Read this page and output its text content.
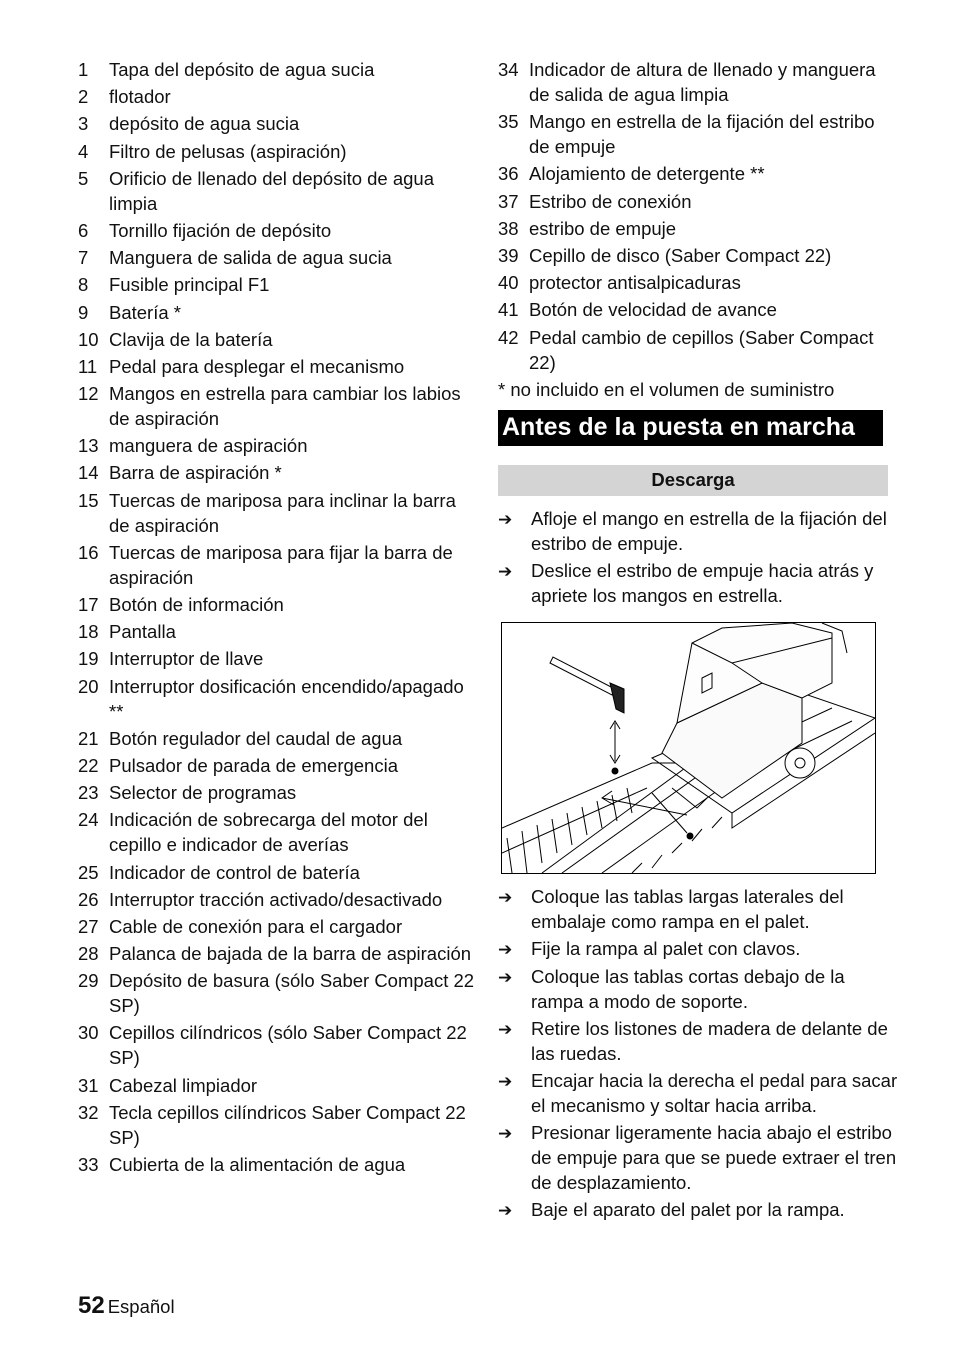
1	Tapa del depósito de agua sucia
2	flotador
3	depósito de agua sucia
4	Filtro de pelusas (aspiración)
5	Orificio de llenado del depósito de agua limpia
6	Tornillo fijación de depósito
7	Manguera de salida de agua sucia
8	Fusible principal F1
9	Batería *
10 Clavija de la batería
11 Pedal para desplegar el mecanismo
12 Mangos en estrella para cambiar los labios de aspiración
13 manguera de aspiración
14 Barra de aspiración *
15 Tuercas de mariposa para inclinar la barra de aspiración
16 Tuercas de mariposa para fijar la barra de aspiración
17 Botón de información
18 Pantalla
19 Interruptor de llave
20 Interruptor dosificación encendido/apagado **
21 Botón regulador del caudal de agua
22 Pulsador de parada de emergencia
23 Selector de programas
24 Indicación de sobrecarga del motor del cepillo e indicador de averías
25 Indicador de control de batería
26 Interruptor tracción activado/desactivado
27 Cable de conexión para el cargador
28 Palanca de bajada de la barra de aspiración
29 Depósito de basura (sólo Saber Compact 22 SP)
30 Cepillos cilíndricos (sólo Saber Compact 22 SP)
31 Cabezal limpiador
32 Tecla cepillos cilíndricos Saber Compact 22 SP)
33 Cubierta de la alimentación de agua
34 Indicador de altura de llenado y manguera de salida de agua limpia
35 Mango en estrella de la fijación del estribo de empuje
36 Alojamiento de detergente **
37 Estribo de conexión
38 estribo de empuje
39 Cepillo de disco (Saber Compact 22)
40 protector antisalpicaduras
41 Botón de velocidad de avance
42 Pedal cambio de cepillos (Saber Compact 22)
* no incluido en el volumen de suministro
Antes de la puesta en marcha
Descarga
➔	Afloje el mango en estrella de la fijación del estribo de empuje.
➔	Deslice el estribo de empuje hacia atrás y apriete los mangos en estrella.
➔	Coloque las tablas largas laterales del embalaje como rampa en el palet.
➔	Fije la rampa al palet con clavos.
➔	Coloque las tablas cortas debajo de la rampa a modo de soporte.
➔	Retire los listones de madera de delante de las ruedas.
➔	Encajar hacia la derecha el pedal para sacar el mecanismo y soltar hacia arriba.
➔	Presionar ligeramente hacia abajo el estribo de empuje para que se puede extraer el tren de desplazamiento.
➔	Baje el aparato del palet por la rampa.
52 Español
